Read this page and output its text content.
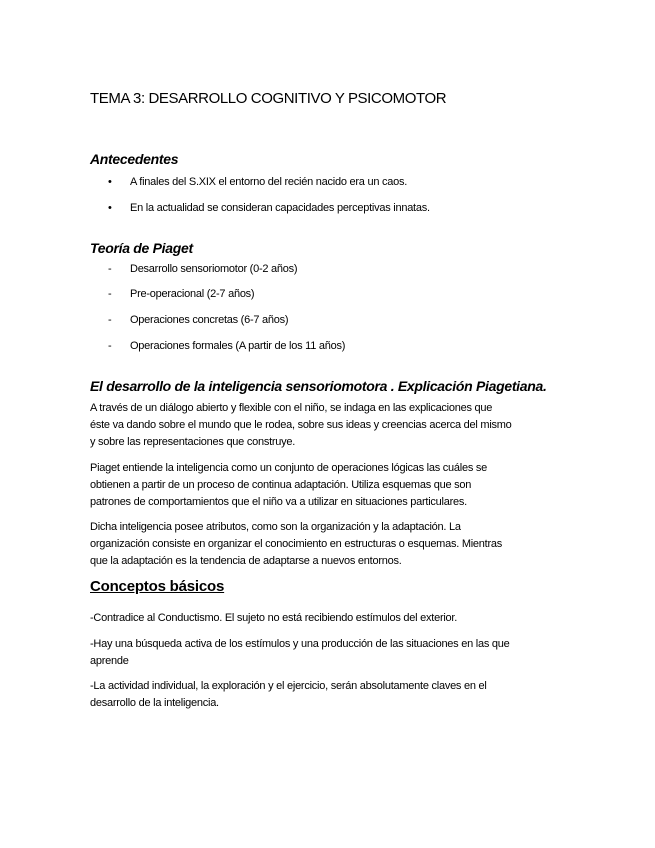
TEMA 3: DESARROLLO COGNITIVO Y PSICOMOTOR
Antecedentes
•	A finales del S.XIX el entorno del recién nacido era un caos.
•	En la actualidad se consideran capacidades perceptivas innatas.
Teoría de Piaget
-	Desarrollo sensoriomotor (0-2 años)
-	Pre-operacional (2-7 años)
-	Operaciones concretas (6-7 años)
-	Operaciones formales (A partir de los 11 años)
El desarrollo de la inteligencia sensoriomotora . Explicación Piagetiana.
A través de un diálogo abierto y flexible con el niño, se indaga en las explicaciones que
éste va dando sobre el mundo que le rodea, sobre sus ideas y creencias acerca del mismo
y sobre las representaciones que construye.
Piaget entiende la inteligencia como un conjunto de operaciones lógicas las cuáles se
obtienen a partir de un proceso de continua adaptación. Utiliza esquemas que son
patrones de comportamientos que el niño va a utilizar en situaciones particulares.
Dicha inteligencia posee atributos, como son la organización y la adaptación. La
organización consiste en organizar el conocimiento en estructuras o esquemas. Mientras
que la adaptación es la tendencia de adaptarse a nuevos entornos.
Conceptos básicos
-Contradice al Conductismo. El sujeto no está recibiendo estímulos del exterior.
-Hay una búsqueda activa de los estímulos y una producción de las situaciones en las que
aprende
-La actividad individual, la exploración y el ejercicio, serán absolutamente claves en el
desarrollo de la inteligencia.
